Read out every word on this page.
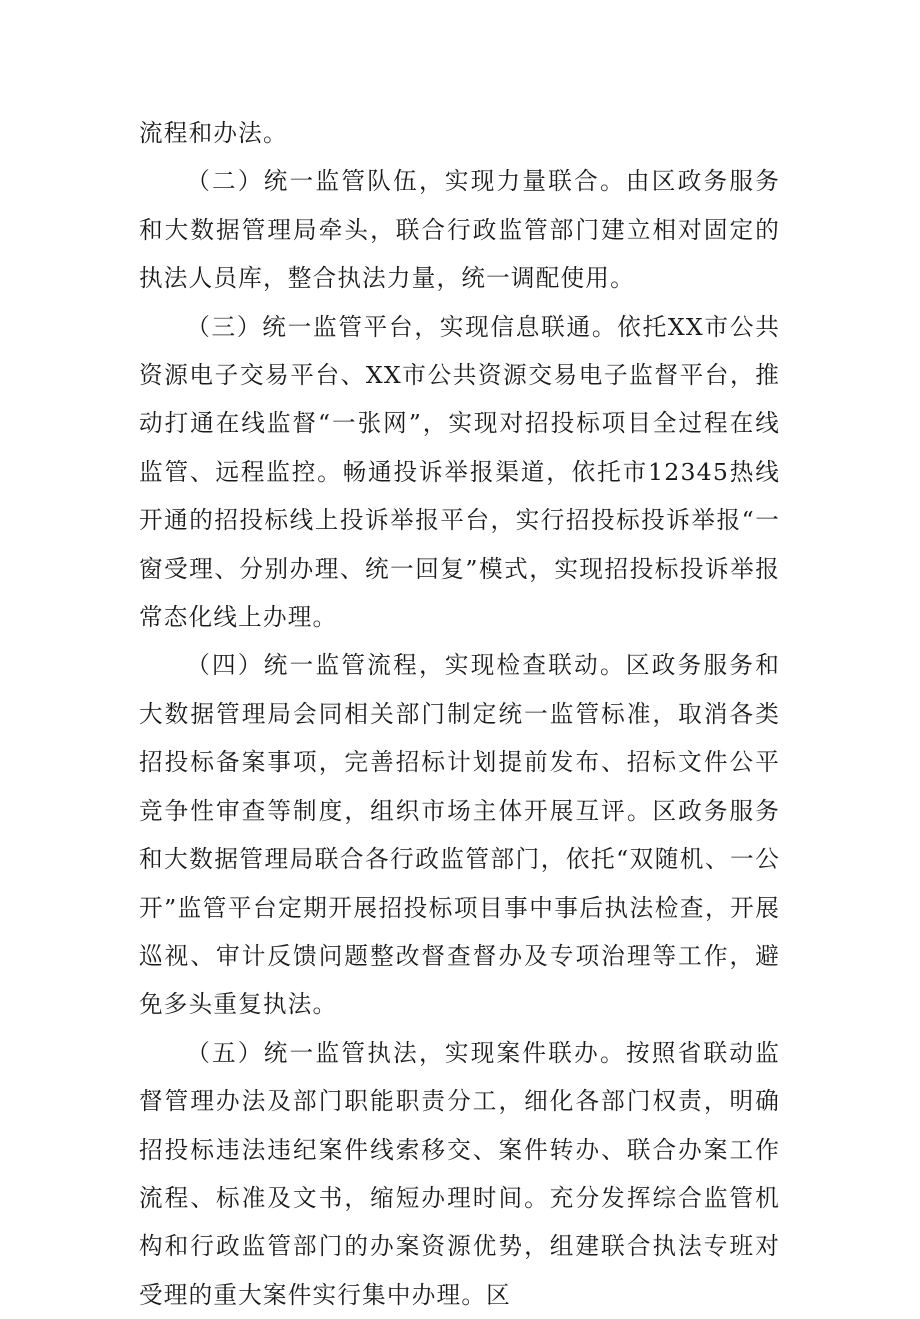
流程和办法。

（二）统一监管队伍，实现力量联合。由区政务服务和大数据管理局牵头，联合行政监管部门建立相对固定的执法人员库，整合执法力量，统一调配使用。

（三）统一监管平台，实现信息联通。依托XX市公共资源电子交易平台、XX市公共资源交易电子监督平台，推动打通在线监督“一张网”，实现对招投标项目全过程在线监管、远程监控。畅通投诉举报渠道，依托市12345热线开通的招投标线上投诉举报平台，实行招投标投诉举报“一窗受理、分别办理、统一回复”模式，实现招投标投诉举报常态化线上办理。

（四）统一监管流程，实现检查联动。区政务服务和大数据管理局会同相关部门制定统一监管标准，取消各类招投标备案事项，完善招标计划提前发布、招标文件公平竞争性审查等制度，组织市场主体开展互评。区政务服务和大数据管理局联合各行政监管部门，依托“双随机、一公开”监管平台定期开展招投标项目事中事后执法检查，开展巡视、审计反馈问题整改督查督办及专项治理等工作，避免多头重复执法。

（五）统一监管执法，实现案件联办。按照省联动监督管理办法及部门职能职责分工，细化各部门权责，明确招投标违法违纪案件线索移交、案件转办、联合办案工作流程、标准及文书，缩短办理时间。充分发挥综合监管机构和行政监管部门的办案资源优势，组建联合执法专班对受理的重大案件实行集中办理。区
